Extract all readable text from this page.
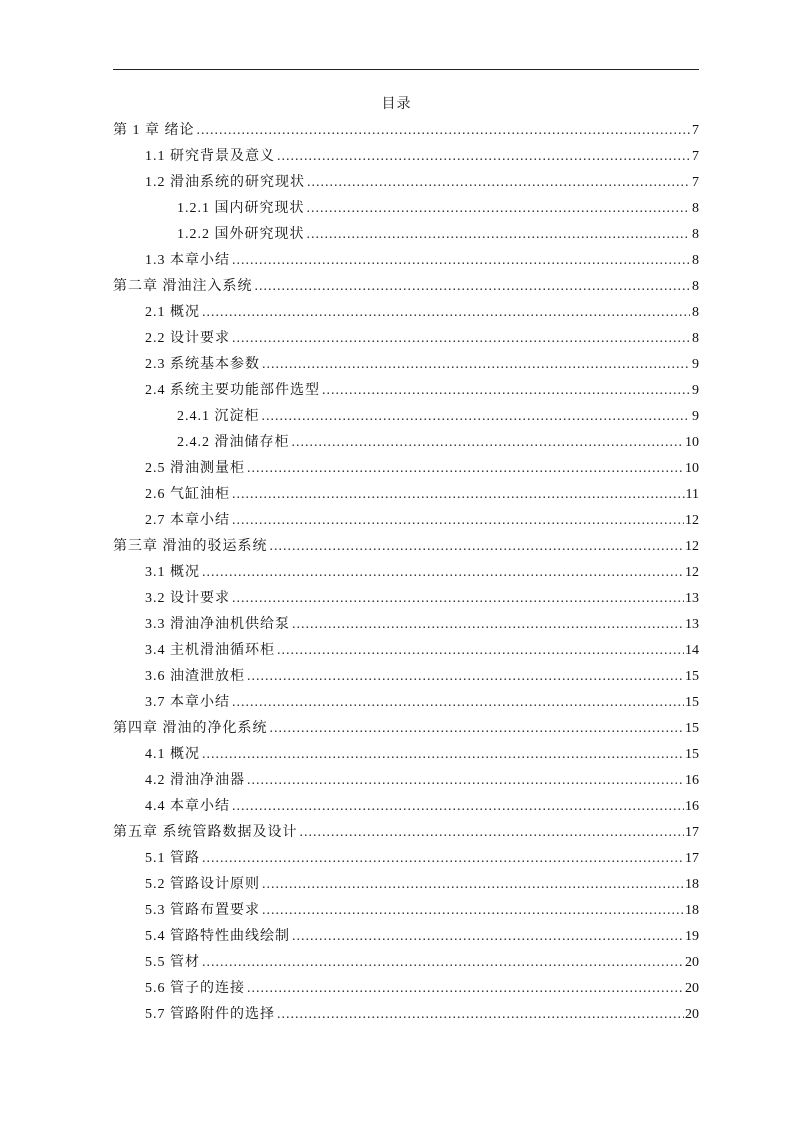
目录
第 1 章 绪论 .....	7
1.1 研究背景及意义 .....	7
1.2 滑油系统的研究现状 .....	7
1.2.1 国内研究现状 .....	8
1.2.2 国外研究现状 .....	8
1.3 本章小结 .....	8
第二章 滑油注入系统 .....	8
2.1 概况 .....	8
2.2 设计要求 .....	8
2.3 系统基本参数 .....	9
2.4 系统主要功能部件选型 .....	9
2.4.1 沉淀柜 .....	9
2.4.2 滑油储存柜 .....	10
2.5 滑油测量柜 .....	10
2.6 气缸油柜 .....	11
2.7 本章小结 .....	12
第三章 滑油的驳运系统 .....	12
3.1 概况 .....	12
3.2 设计要求 .....	13
3.3 滑油净油机供给泵 .....	13
3.4 主机滑油循环柜 .....	14
3.6 油渣泄放柜 .....	15
3.7 本章小结 .....	15
第四章 滑油的净化系统 .....	15
4.1 概况 .....	15
4.2 滑油净油器 .....	16
4.4 本章小结 .....	16
第五章 系统管路数据及设计 .....	17
5.1 管路 .....	17
5.2 管路设计原则 .....	18
5.3 管路布置要求 .....	18
5.4 管路特性曲线绘制 .....	19
5.5 管材 .....	20
5.6 管子的连接 .....	20
5.7 管路附件的选择 .....	20
